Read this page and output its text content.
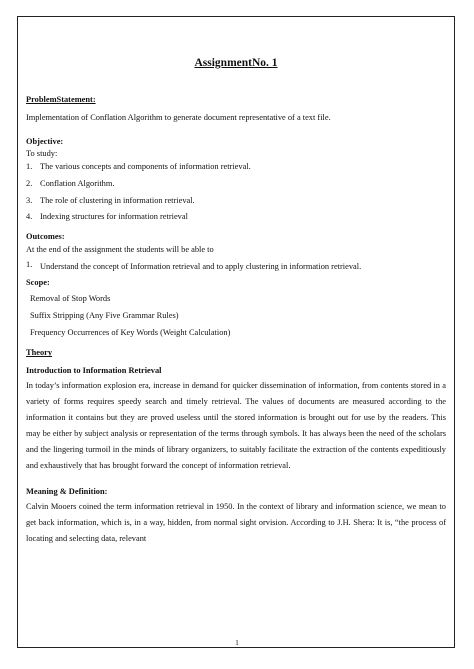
AssignmentNo. 1
ProblemStatement:
Implementation of Conflation Algorithm to generate document representative of a text file.
Objective:
To study:
1. The various concepts and components of information retrieval.
2. Conflation Algorithm.
3. The role of clustering in information retrieval.
4. Indexing structures for information retrieval
Outcomes:
At the end of the assignment the students will be able to
1. Understand the concept of Information retrieval and to apply clustering in information retrieval.
Scope:
Removal of Stop Words
Suffix Stripping (Any Five Grammar Rules)
Frequency Occurrences of Key Words (Weight Calculation)
Theory
Introduction to Information Retrieval
In today’s information explosion era, increase in demand for quicker dissemination of information, from contents stored in a variety of forms requires speedy search and timely retrieval. The values of documents are measured according to the information it contains but they are proved useless until the stored information is brought out for use by the readers. This may be either by subject analysis or representation of the terms through symbols. It has always been the need of the scholars and the lingering turmoil in the minds of library organizers, to suitably facilitate the extraction of the contents expeditiously and exhaustively that has brought forward the concept of information retrieval.
Meaning & Definition:
Calvin Mooers coined the term information retrieval in 1950. In the context of library and information science, we mean to get back information, which is, in a way, hidden, from normal sight orvision. According to J.H. Shera: It is, “the process of locating and selecting data, relevant
1
